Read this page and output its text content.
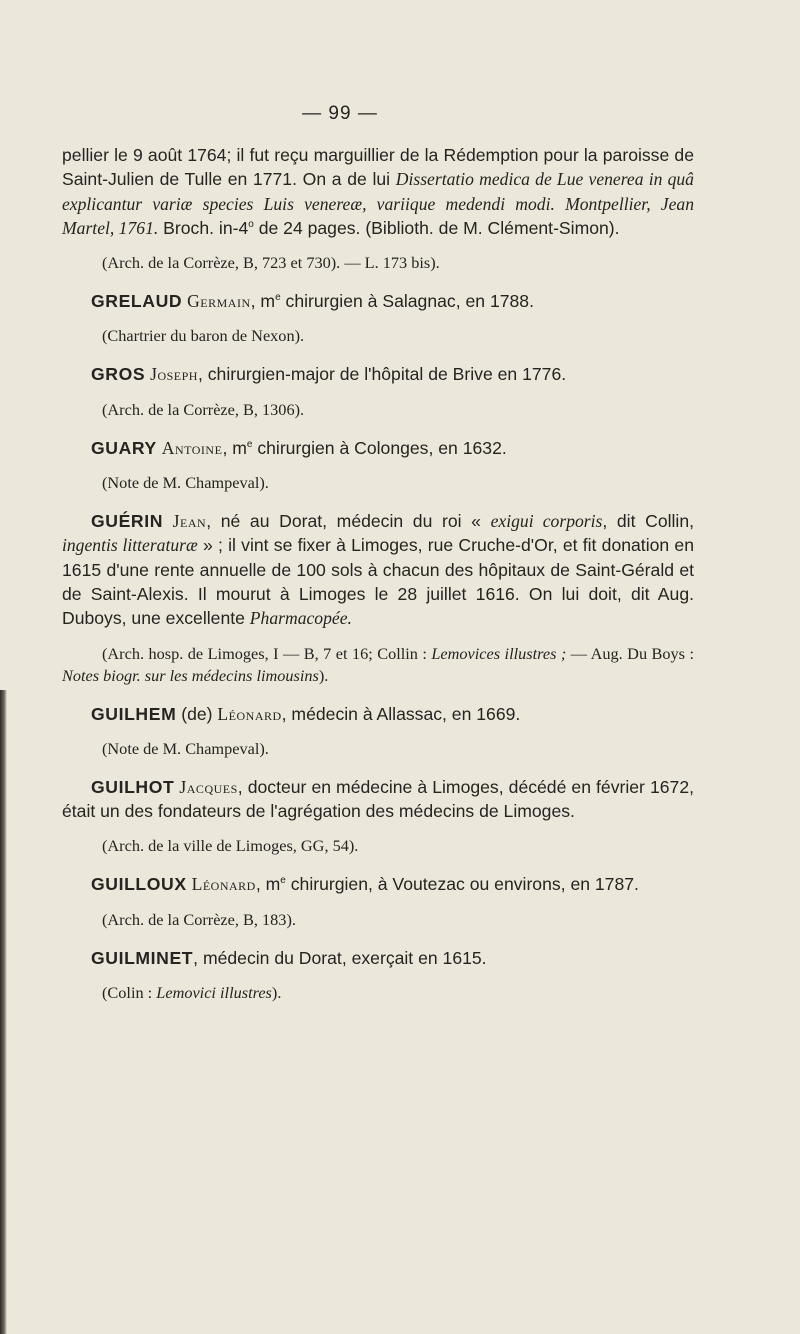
— 99 —

pellier le 9 août 1764; il fut reçu marguillier de la Rédemption pour la paroisse de Saint-Julien de Tulle en 1771. On a de lui Dissertatio medica de Lue venerea in quâ explicantur variæ species Luis venereæ, variique medendi modi. Montpellier, Jean Martel, 1761. Broch. in-4$^o$ de 24 pages. (Biblioth. de M. Clément-Simon).

(Arch. de la Corrèze, B, 723 et 730). — L. 173 bis).

GRELAUD Germain, $m^e$ chirurgien à Salagnac, en 1788.

(Chartrier du baron de Nexon).

GROS Joseph, chirurgien-major de l'hôpital de Brive en 1776.

(Arch. de la Corrèze, B, 1306).

GUARY Antoine, $m^e$ chirurgien à Colonges, en 1632.

(Note de M. Champeval).

GUÉRIN Jean, né au Dorat, médecin du roi « exigui corporis, dit Collin, ingentis litteraturæ » ; il vint se fixer à Limoges, rue Cruche-d'Or, et fit donation en 1615 d'une rente annuelle de 100 sols à chacun des hôpitaux de Saint-Gérald et de Saint-Alexis. Il mourut à Limoges le 28 juillet 1616. On lui doit, dit Aug. Duboys, une excellente Pharmacopée.

(Arch. hosp. de Limoges, I — B, 7 et 16; Collin : Lemovices illustres ; — Aug. Du Boys : Notes biogr. sur les médecins limousins).

GUILHEM (de) Léonard, médecin à Allassac, en 1669.

(Note de M. Champeval).

GUILHOT Jacques, docteur en médecine à Limoges, décédé en février 1672, était un des fondateurs de l'agrégation des médecins de Limoges.

(Arch. de la ville de Limoges, GG, 54).

GUILLOUX Léonard, $m^e$ chirurgien, à Voutezac ou environs, en 1787.

(Arch. de la Corrèze, B, 183).

GUILMINET, médecin du Dorat, exerçait en 1615.

(Colin : Lemovici illustres).
